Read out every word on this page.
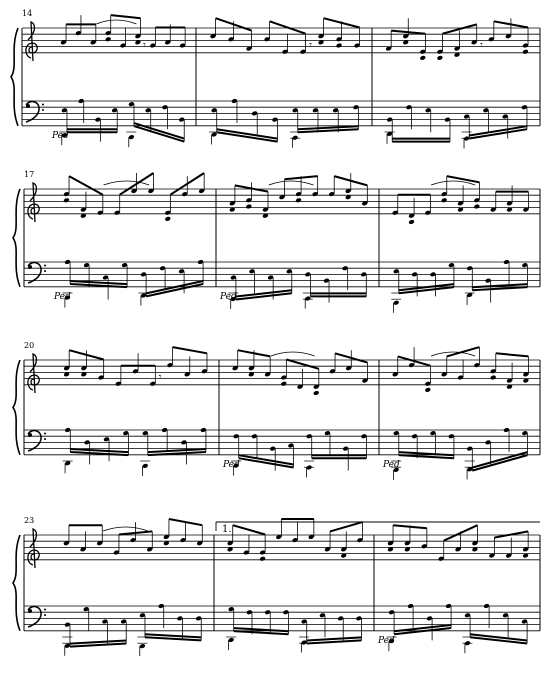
1.
14
𝄾
Ped
𝄾	𝄾
17
Ped	Ped
20
𝄾
Ped	Ped
23
Ped
